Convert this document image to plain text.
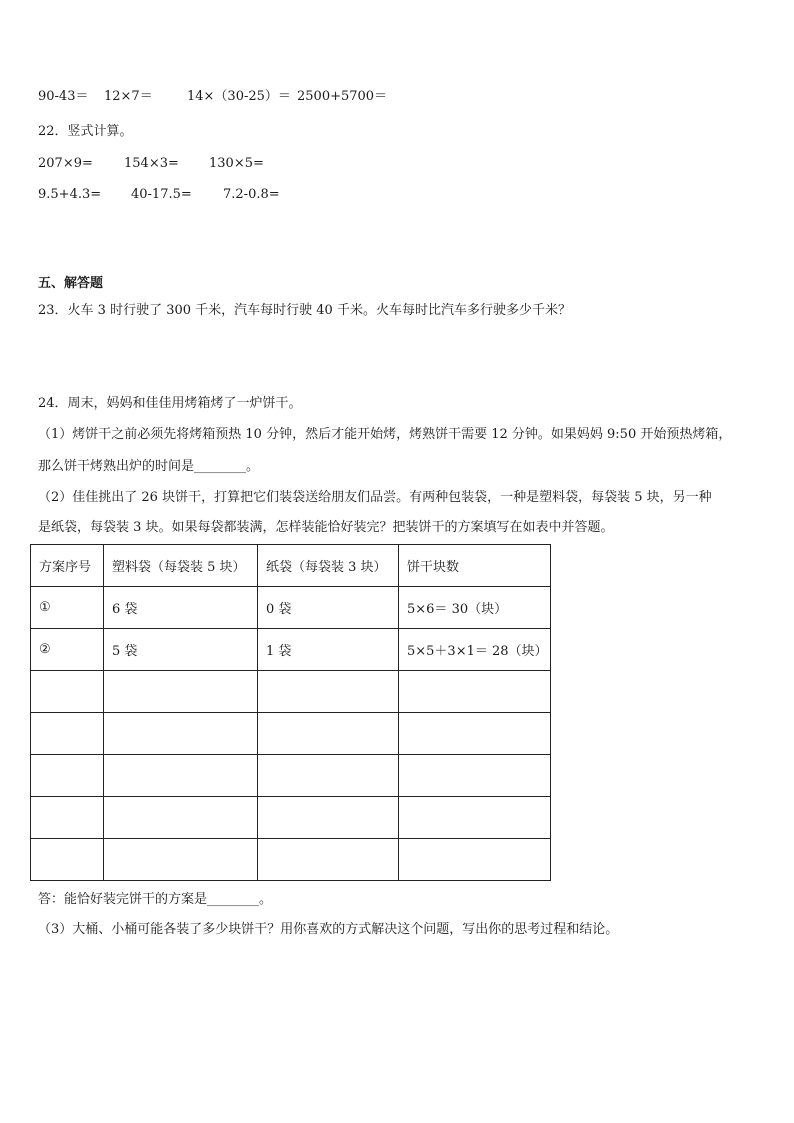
90-43＝ 12×7＝	14×（30-25）＝ 2500+5700＝
22．竖式计算。
207×9= 154×3= 130×5=
9.5+4.3= 40-17.5= 7.2-0.8=
五、解答题
23．火车 3 时行驶了 300 千米，汽车每时行驶 40 千米。火车每时比汽车多行驶多少千米？
24．周末，妈妈和佳佳用烤箱烤了一炉饼干。
（1）烤饼干之前必须先将烤箱预热 10 分钟，然后才能开始烤，烤熟饼干需要 12 分钟。如果妈妈 9:50 开始预热烤箱，
那么饼干烤熟出炉的时间是________。
（2）佳佳挑出了 26 块饼干，打算把它们装袋送给朋友们品尝。有两种包装袋，一种是塑料袋，每袋装 5 块，另一种
是纸袋，每袋装 3 块。如果每袋都装满，怎样装能恰好装完？把装饼干的方案填写在如表中并答题。
方案序号	塑料袋（每袋装 5 块）	纸袋（每袋装 3 块）	饼干块数
①	6 袋	0 袋	5×6＝ 30（块）
②	5 袋	1 袋	5×5＋3×1＝ 28（块）

答：能恰好装完饼干的方案是________。
（3）大桶、小桶可能各装了多少块饼干？用你喜欢的方式解决这个问题，写出你的思考过程和结论。
